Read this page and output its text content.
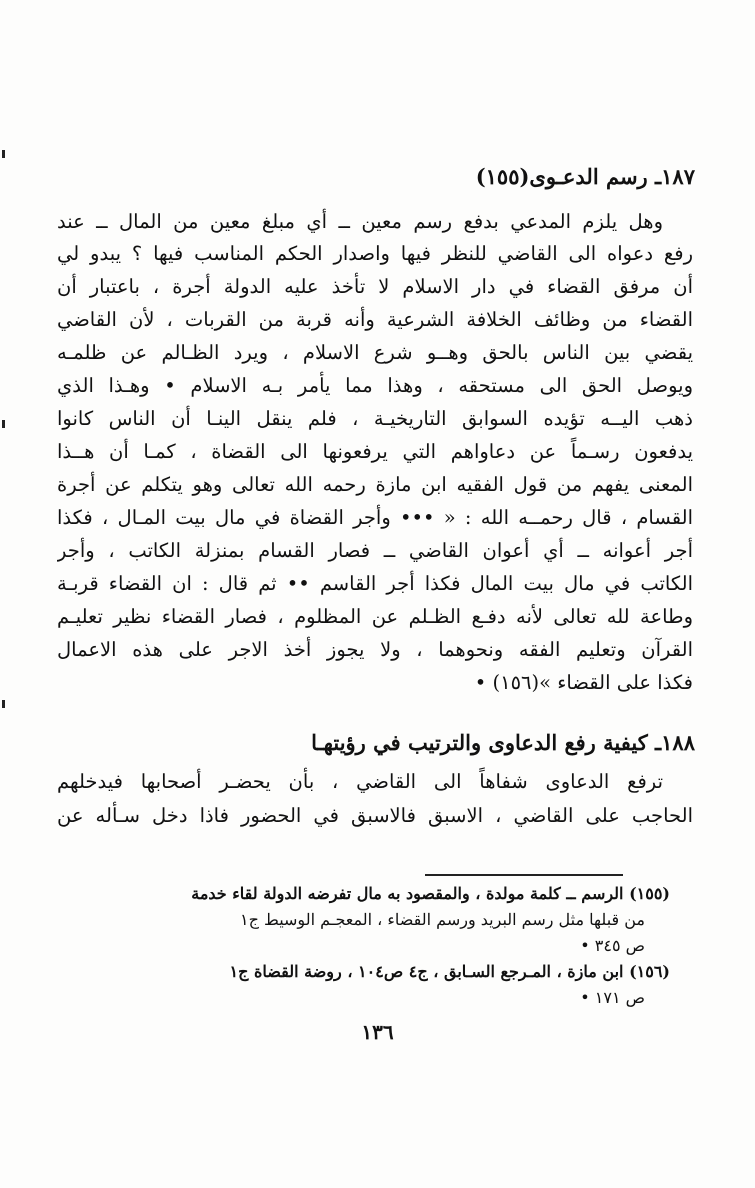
١٨٧ـ رسم الدعـوى(١٥٥)
وهل يلزم المدعي بدفع رسم معين ــ أي مبلغ معين من المال ــ عند
رفع دعواه الى القاضي للنظر فيها واصدار الحكم المناسب فيها ؟ يبدو لي
أن مرفق القضاء في دار الاسلام لا تأخذ عليه الدولة أجرة ، باعتبار أن
القضاء من وظائف الخلافة الشرعية وأنه قربة من القربات ، لأن القاضي
يقضي بين الناس بالحق وهــو شرع الاسلام ، ويرد الظـالم عن ظلمـه
ويوصل الحق الى مستحقه ، وهذا مما يأمر بـه الاسلام • وهـذا الذي
ذهب اليــه تؤيده السوابق التاريخيـة ، فلم ينقل الينـا أن الناس كانوا
يدفعون رسـماً عن دعاواهم التي يرفعونها الى القضاة ، كمـا أن هــذا
المعنى يفهم من قول الفقيه ابن مازة رحمه الله تعالى وهو يتكلم عن أجرة
القسام ، قال رحمــه الله : « ••• وأجر القضاة في مال بيت المـال ، فكذا
أجر أعوانه ــ أي أعوان القاضي ــ فصار القسام بمنزلة الكاتب ، وأجر
الكاتب في مال بيت المال فكذا أجر القاسم •• ثم قال : ان القضاء قربـة
وطاعة لله تعالى لأنه دفـع الظـلم عن المظلوم ، فصار القضاء نظير تعليـم
القرآن وتعليم الفقه ونحوهما ، ولا يجوز أخذ الاجر على هذه الاعمال
فكذا على القضاء »(١٥٦) •
١٨٨ـ كيفية رفع الدعاوى والترتيب في رؤيتهـا
ترفع الدعاوى شفاهاً الى القاضي ، بأن يحضـر أصحابها فيدخلهم
الحاجب على القاضي ، الاسبق فالاسبق في الحضور فاذا دخل سـأله عن
(١٥٥) الرسم ــ كلمة مولدة ، والمقصود به مال تفرضه الدولة لقاء خدمة
من قبلها مثل رسم البريد ورسم القضاء ، المعجـم الوسيط ج١
ص ٣٤٥ •
(١٥٦) ابن مازة ، المـرجع السـابق ، ج٤ ص١٠٤ ، روضة القضاة ج١
ص ١٧١ •
١٣٦
